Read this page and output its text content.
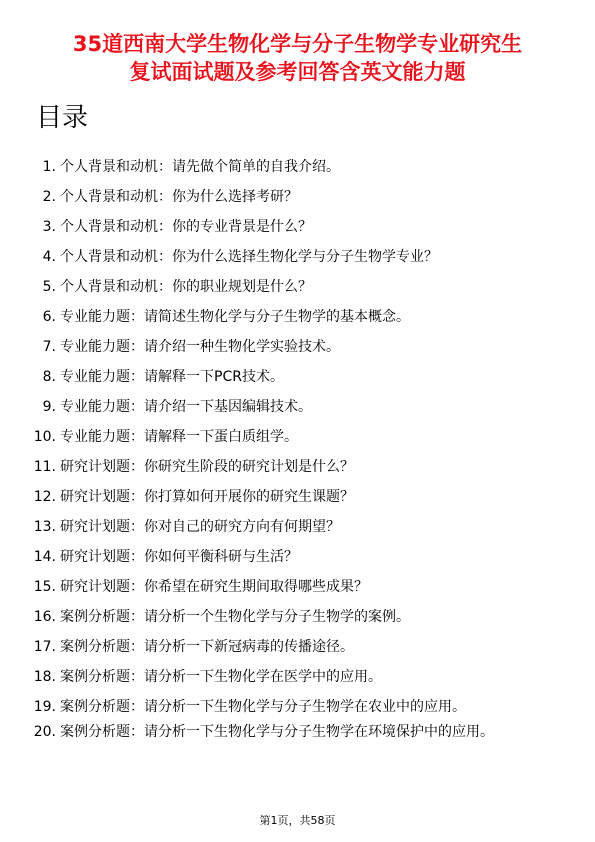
35道西南大学生物化学与分子生物学专业研究生
复试面试题及参考回答含英文能力题
目录
1. 个人背景和动机：请先做个简单的自我介绍。
2. 个人背景和动机：你为什么选择考研？
3. 个人背景和动机：你的专业背景是什么？
4. 个人背景和动机：你为什么选择生物化学与分子生物学专业？
5. 个人背景和动机：你的职业规划是什么？
6. 专业能力题：请简述生物化学与分子生物学的基本概念。
7. 专业能力题：请介绍一种生物化学实验技术。
8. 专业能力题：请解释一下PCR技术。
9. 专业能力题：请介绍一下基因编辑技术。
10. 专业能力题：请解释一下蛋白质组学。
11. 研究计划题：你研究生阶段的研究计划是什么？
12. 研究计划题：你打算如何开展你的研究生课题？
13. 研究计划题：你对自己的研究方向有何期望？
14. 研究计划题：你如何平衡科研与生活？
15. 研究计划题：你希望在研究生期间取得哪些成果？
16. 案例分析题：请分析一个生物化学与分子生物学的案例。
17. 案例分析题：请分析一下新冠病毒的传播途径。
18. 案例分析题：请分析一下生物化学在医学中的应用。
19. 案例分析题：请分析一下生物化学与分子生物学在农业中的应用。
20. 案例分析题：请分析一下生物化学与分子生物学在环境保护中的应用。
第1页，共58页
